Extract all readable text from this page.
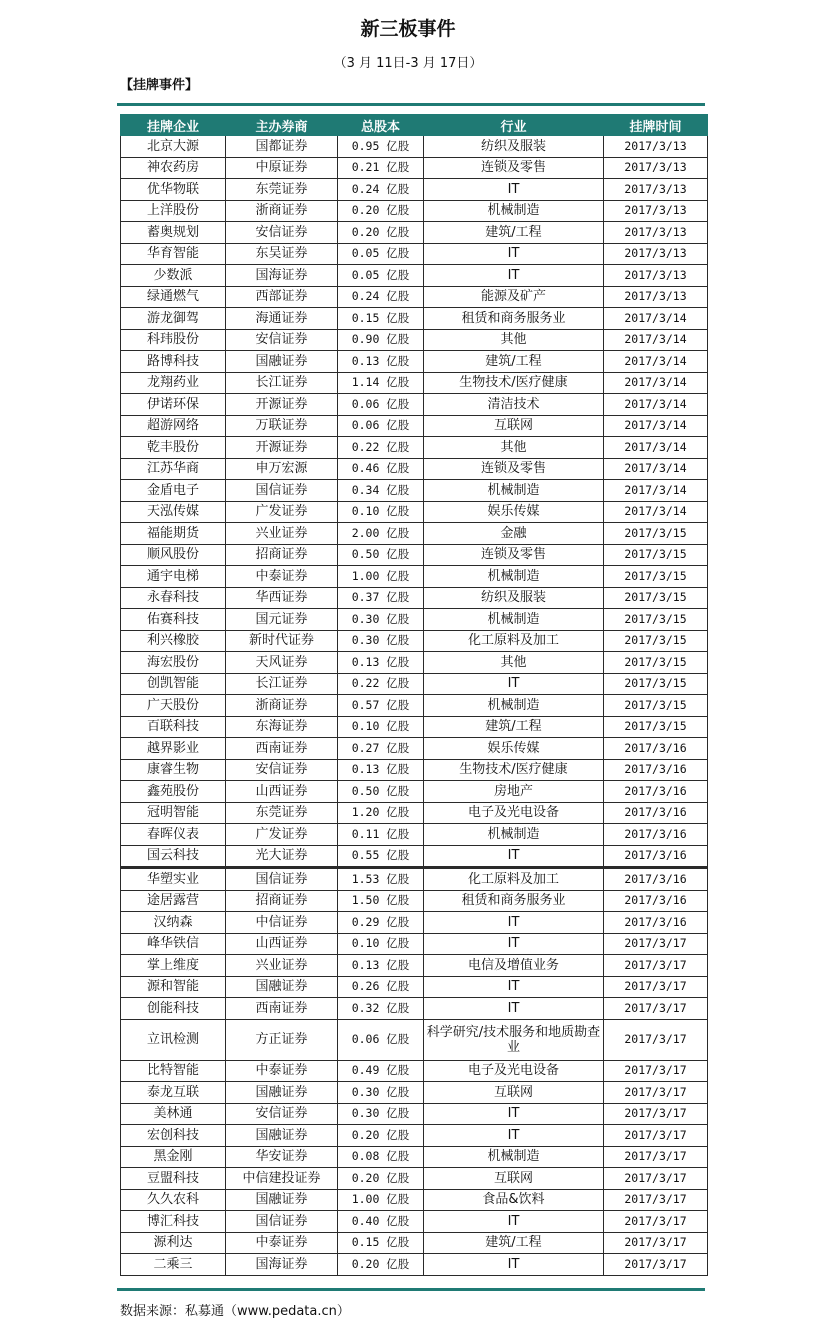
新三板事件
（3 月 11日-3 月 17日）
【挂牌事件】
挂牌企业	主办券商	总股本	行业	挂牌时间
北京大源	国都证券	0.95 亿股	纺织及服装	2017/3/13
神农药房	中原证券	0.21 亿股	连锁及零售	2017/3/13
优华物联	东莞证券	0.24 亿股	IT	2017/3/13
上洋股份	浙商证券	0.20 亿股	机械制造	2017/3/13
蓄奥规划	安信证券	0.20 亿股	建筑/工程	2017/3/13
华育智能	东吴证券	0.05 亿股	IT	2017/3/13
少数派	国海证券	0.05 亿股	IT	2017/3/13
绿通燃气	西部证券	0.24 亿股	能源及矿产	2017/3/13
游龙御驾	海通证券	0.15 亿股	租赁和商务服务业	2017/3/14
科玮股份	安信证券	0.90 亿股	其他	2017/3/14
路博科技	国融证券	0.13 亿股	建筑/工程	2017/3/14
龙翔药业	长江证券	1.14 亿股	生物技术/医疗健康	2017/3/14
伊诺环保	开源证券	0.06 亿股	清洁技术	2017/3/14
超游网络	万联证券	0.06 亿股	互联网	2017/3/14
乾丰股份	开源证券	0.22 亿股	其他	2017/3/14
江苏华商	申万宏源	0.46 亿股	连锁及零售	2017/3/14
金盾电子	国信证券	0.34 亿股	机械制造	2017/3/14
天泓传媒	广发证券	0.10 亿股	娱乐传媒	2017/3/14
福能期货	兴业证券	2.00 亿股	金融	2017/3/15
顺风股份	招商证券	0.50 亿股	连锁及零售	2017/3/15
通宇电梯	中泰证券	1.00 亿股	机械制造	2017/3/15
永春科技	华西证券	0.37 亿股	纺织及服装	2017/3/15
佑赛科技	国元证券	0.30 亿股	机械制造	2017/3/15
利兴橡胶	新时代证券	0.30 亿股	化工原料及加工	2017/3/15
海宏股份	天风证券	0.13 亿股	其他	2017/3/15
创凯智能	长江证券	0.22 亿股	IT	2017/3/15
广天股份	浙商证券	0.57 亿股	机械制造	2017/3/15
百联科技	东海证券	0.10 亿股	建筑/工程	2017/3/15
越界影业	西南证券	0.27 亿股	娱乐传媒	2017/3/16
康睿生物	安信证券	0.13 亿股	生物技术/医疗健康	2017/3/16
鑫苑股份	山西证券	0.50 亿股	房地产	2017/3/16
冠明智能	东莞证券	1.20 亿股	电子及光电设备	2017/3/16
春晖仪表	广发证券	0.11 亿股	机械制造	2017/3/16
国云科技	光大证券	0.55 亿股	IT	2017/3/16
华塑实业	国信证券	1.53 亿股	化工原料及加工	2017/3/16
途居露营	招商证券	1.50 亿股	租赁和商务服务业	2017/3/16
汉纳森	中信证券	0.29 亿股	IT	2017/3/16
峰华铁信	山西证券	0.10 亿股	IT	2017/3/17
掌上维度	兴业证券	0.13 亿股	电信及增值业务	2017/3/17
源和智能	国融证券	0.26 亿股	IT	2017/3/17
创能科技	西南证券	0.32 亿股	IT	2017/3/17
立讯检测	方正证券	0.06 亿股	科学研究/技术服务和地质勘查业	2017/3/17
比特智能	中泰证券	0.49 亿股	电子及光电设备	2017/3/17
泰龙互联	国融证券	0.30 亿股	互联网	2017/3/17
美林通	安信证券	0.30 亿股	IT	2017/3/17
宏创科技	国融证券	0.20 亿股	IT	2017/3/17
黑金刚	华安证券	0.08 亿股	机械制造	2017/3/17
豆盟科技	中信建投证券	0.20 亿股	互联网	2017/3/17
久久农科	国融证券	1.00 亿股	食品&饮料	2017/3/17
博汇科技	国信证券	0.40 亿股	IT	2017/3/17
源利达	中泰证券	0.15 亿股	建筑/工程	2017/3/17
二乘三	国海证券	0.20 亿股	IT	2017/3/17
数据来源：私募通（www.pedata.cn）
